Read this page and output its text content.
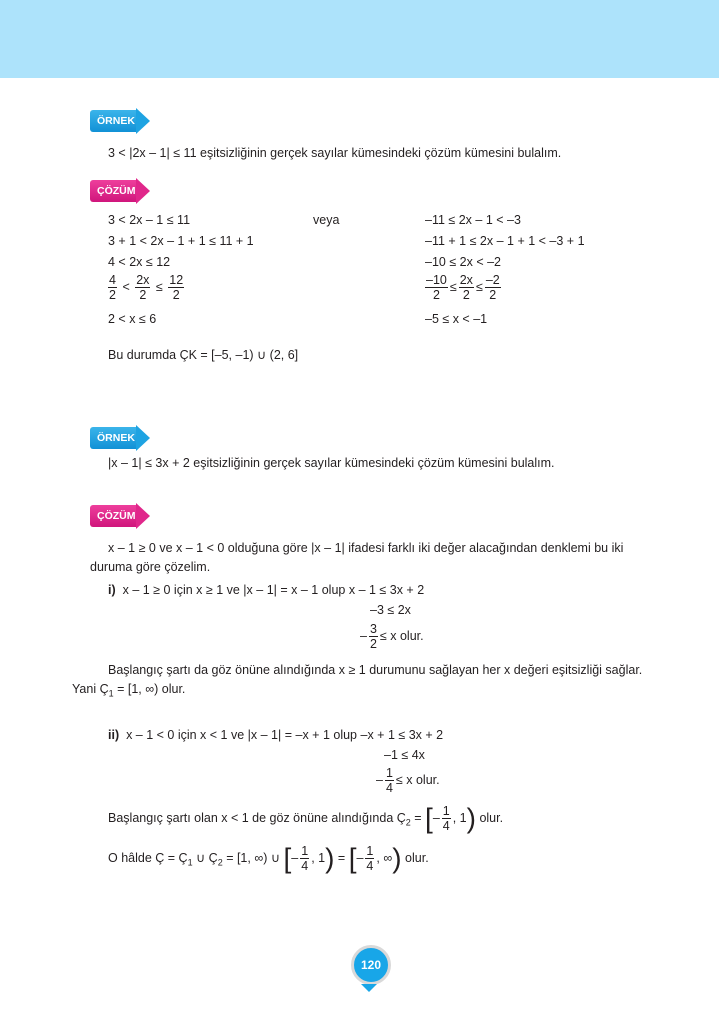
ÖRNEK
3 < |2x – 1| ≤ 11 eşitsizliğinin gerçek sayılar kümesindeki çözüm kümesini bulalım.
ÇÖZÜM
3 < 2x – 1 ≤ 11
3 + 1 < 2x – 1 + 1 ≤ 11 + 1
4 < 2x ≤ 12
$\frac{4}{2} < \frac{2x}{2} \le \frac{12}{2}$
2 < x ≤ 6
veya	–11 ≤ 2x – 1 < –3
–11 + 1 ≤ 2x – 1 + 1 < –3 + 1
–10 ≤ 2x < –2
$\frac{-10}{2} \le \frac{2x}{2} \le \frac{-2}{2}$
–5 ≤ x < –1
Bu durumda ÇK = [–5, –1) ∪ (2, 6]
ÖRNEK
|x – 1| ≤ 3x + 2 eşitsizliğinin gerçek sayılar kümesindeki çözüm kümesini bulalım.
ÇÖZÜM
x – 1 ≥ 0 ve x – 1 < 0 olduğuna göre |x – 1| ifadesi farklı iki değer alacağından denklemi bu iki duruma göre çözelim.
i) x – 1 ≥ 0 için x ≥ 1 ve |x – 1| = x – 1 olup x – 1 ≤ 3x + 2
–3 ≤ 2x
– $\frac{3}{2} \le x$ olur.
Başlangıç şartı da göz önüne alındığında x ≥ 1 durumunu sağlayan her x değeri eşitsizliği sağlar.
Yani $Ç_1 = [1$, ∞) olur.
ii) x – 1 < 0 için x < 1 ve |x – 1| = –x + 1 olup –x + 1 ≤ 3x + 2
–1 ≤ 4x
– $\frac{1}{4} \le x$ olur.
Başlangıç şartı olan x < 1 de göz önüne alındığında $Ç_2$ = [– $\frac{1}{4}$ , 1) olur.
O hâlde Ç = $Ç_1$ ∪ $Ç_2 = [1$, ∞) ∪ [– $\frac{1}{4}$ , 1) = [– $\frac{1}{4}$ , ∞) olur.
120
